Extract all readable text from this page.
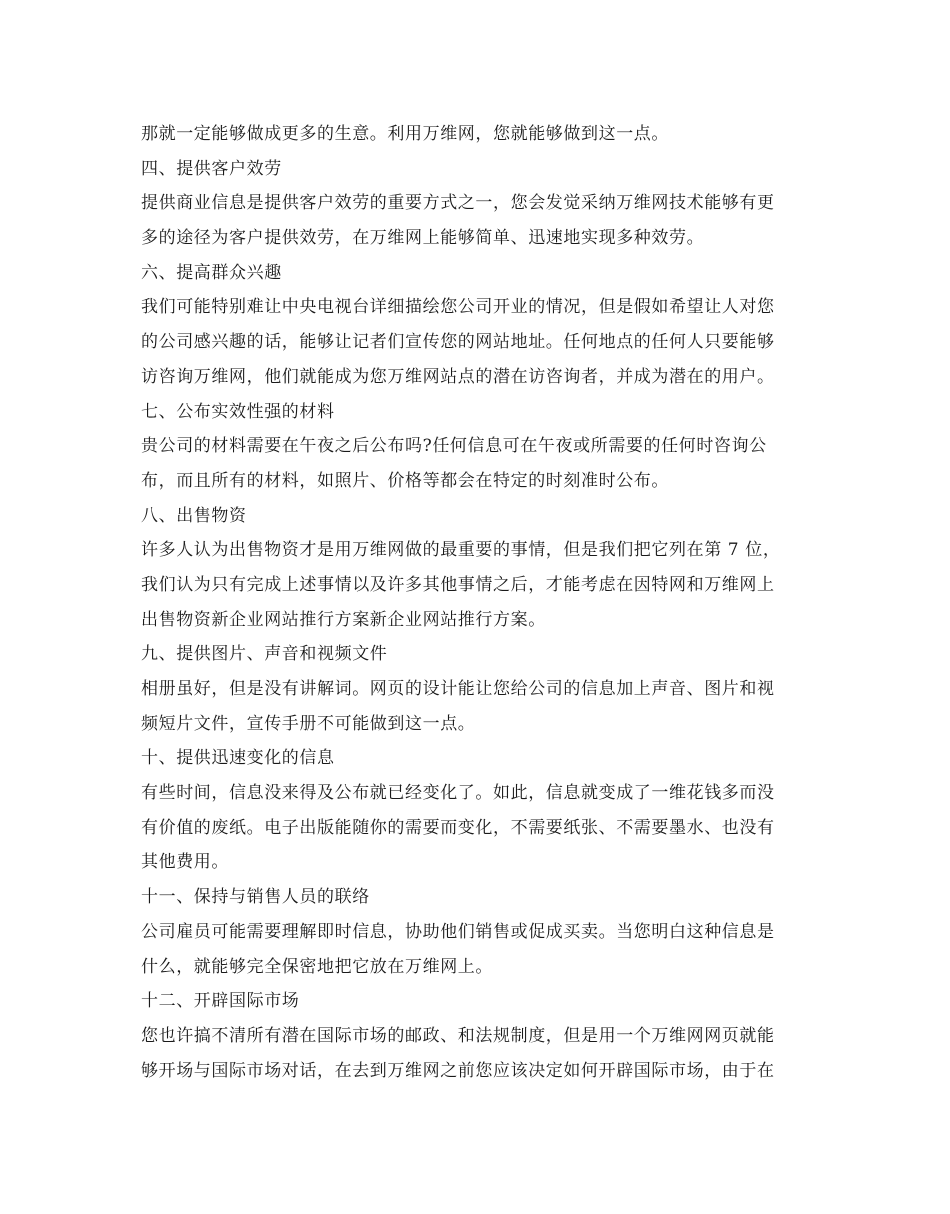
那就一定能够做成更多的生意。利用万维网，您就能够做到这一点。
四、提供客户效劳
提供商业信息是提供客户效劳的重要方式之一，您会发觉采纳万维网技术能够有更
多的途径为客户提供效劳，在万维网上能够简单、迅速地实现多种效劳。
六、提高群众兴趣
我们可能特别难让中央电视台详细描绘您公司开业的情况，但是假如希望让人对您
的公司感兴趣的话，能够让记者们宣传您的网站地址。任何地点的任何人只要能够
访咨询万维网，他们就能成为您万维网站点的潜在访咨询者，并成为潜在的用户。
七、公布实效性强的材料
贵公司的材料需要在午夜之后公布吗?任何信息可在午夜或所需要的任何时咨询公
布，而且所有的材料，如照片、价格等都会在特定的时刻准时公布。
八、出售物资
许多人认为出售物资才是用万维网做的最重要的事情，但是我们把它列在第 7 位，
我们认为只有完成上述事情以及许多其他事情之后，才能考虑在因特网和万维网上
出售物资新企业网站推行方案新企业网站推行方案。
九、提供图片、声音和视频文件
相册虽好，但是没有讲解词。网页的设计能让您给公司的信息加上声音、图片和视
频短片文件，宣传手册不可能做到这一点。
十、提供迅速变化的信息
有些时间，信息没来得及公布就已经变化了。如此，信息就变成了一维花钱多而没
有价值的废纸。电子出版能随你的需要而变化，不需要纸张、不需要墨水、也没有
其他费用。
十一、保持与销售人员的联络
公司雇员可能需要理解即时信息，协助他们销售或促成买卖。当您明白这种信息是
什么，就能够完全保密地把它放在万维网上。
十二、开辟国际市场
您也许搞不清所有潜在国际市场的邮政、和法规制度，但是用一个万维网网页就能
够开场与国际市场对话，在去到万维网之前您应该决定如何开辟国际市场，由于在
